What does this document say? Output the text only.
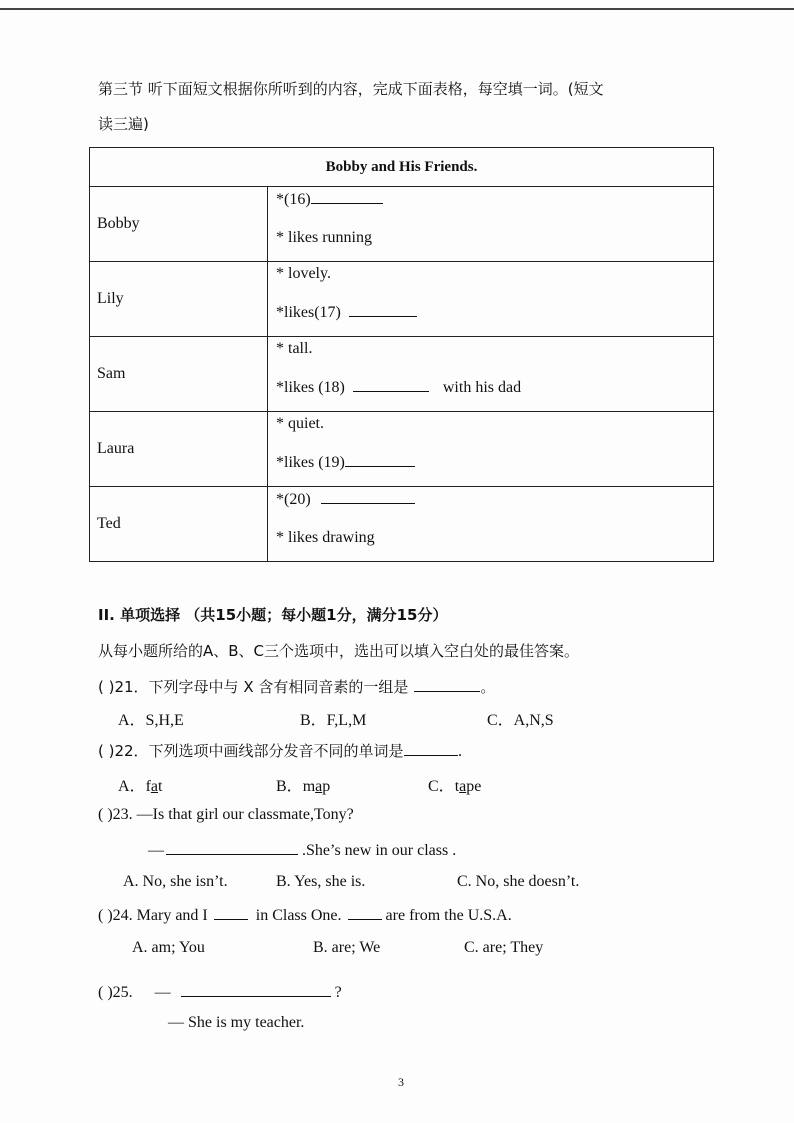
第三节 听下面短文根据你所听到的内容，完成下面表格，每空填一词。(短文
读三遍)
Bobby and His Friends.	
Bobby	*(16)
* likes running

Lily	* lovely.
*likes(17)

Sam	* tall.
*likes (18) with his dad

Laura	* quiet.
*likes (19)

Ted	*(20)
* likes drawing
II. 单项选择 （共15小题；每小题1分，满分15分）
从每小题所给的A、B、C三个选项中，选出可以填入空白处的最佳答案。
( )21．下列字母中与 X 含有相同音素的一组是	。
A．S,H,E	B．F,L,M	C．A,N,S
( )22．下列选项中画线部分发音不同的单词是	.
A．fat	B．map	C．tape
( )23. —Is that girl our classmate,Tony?
—	.She’s new in our class .
A. No, she isn’t.	B. Yes, she is.	C. No, she doesn’t.
( )24. Mary and I	in Class One.	are from the U.S.A.
A. am; You	B. are; We	C. are; They
( )25. —	?
— She is my teacher.
3
